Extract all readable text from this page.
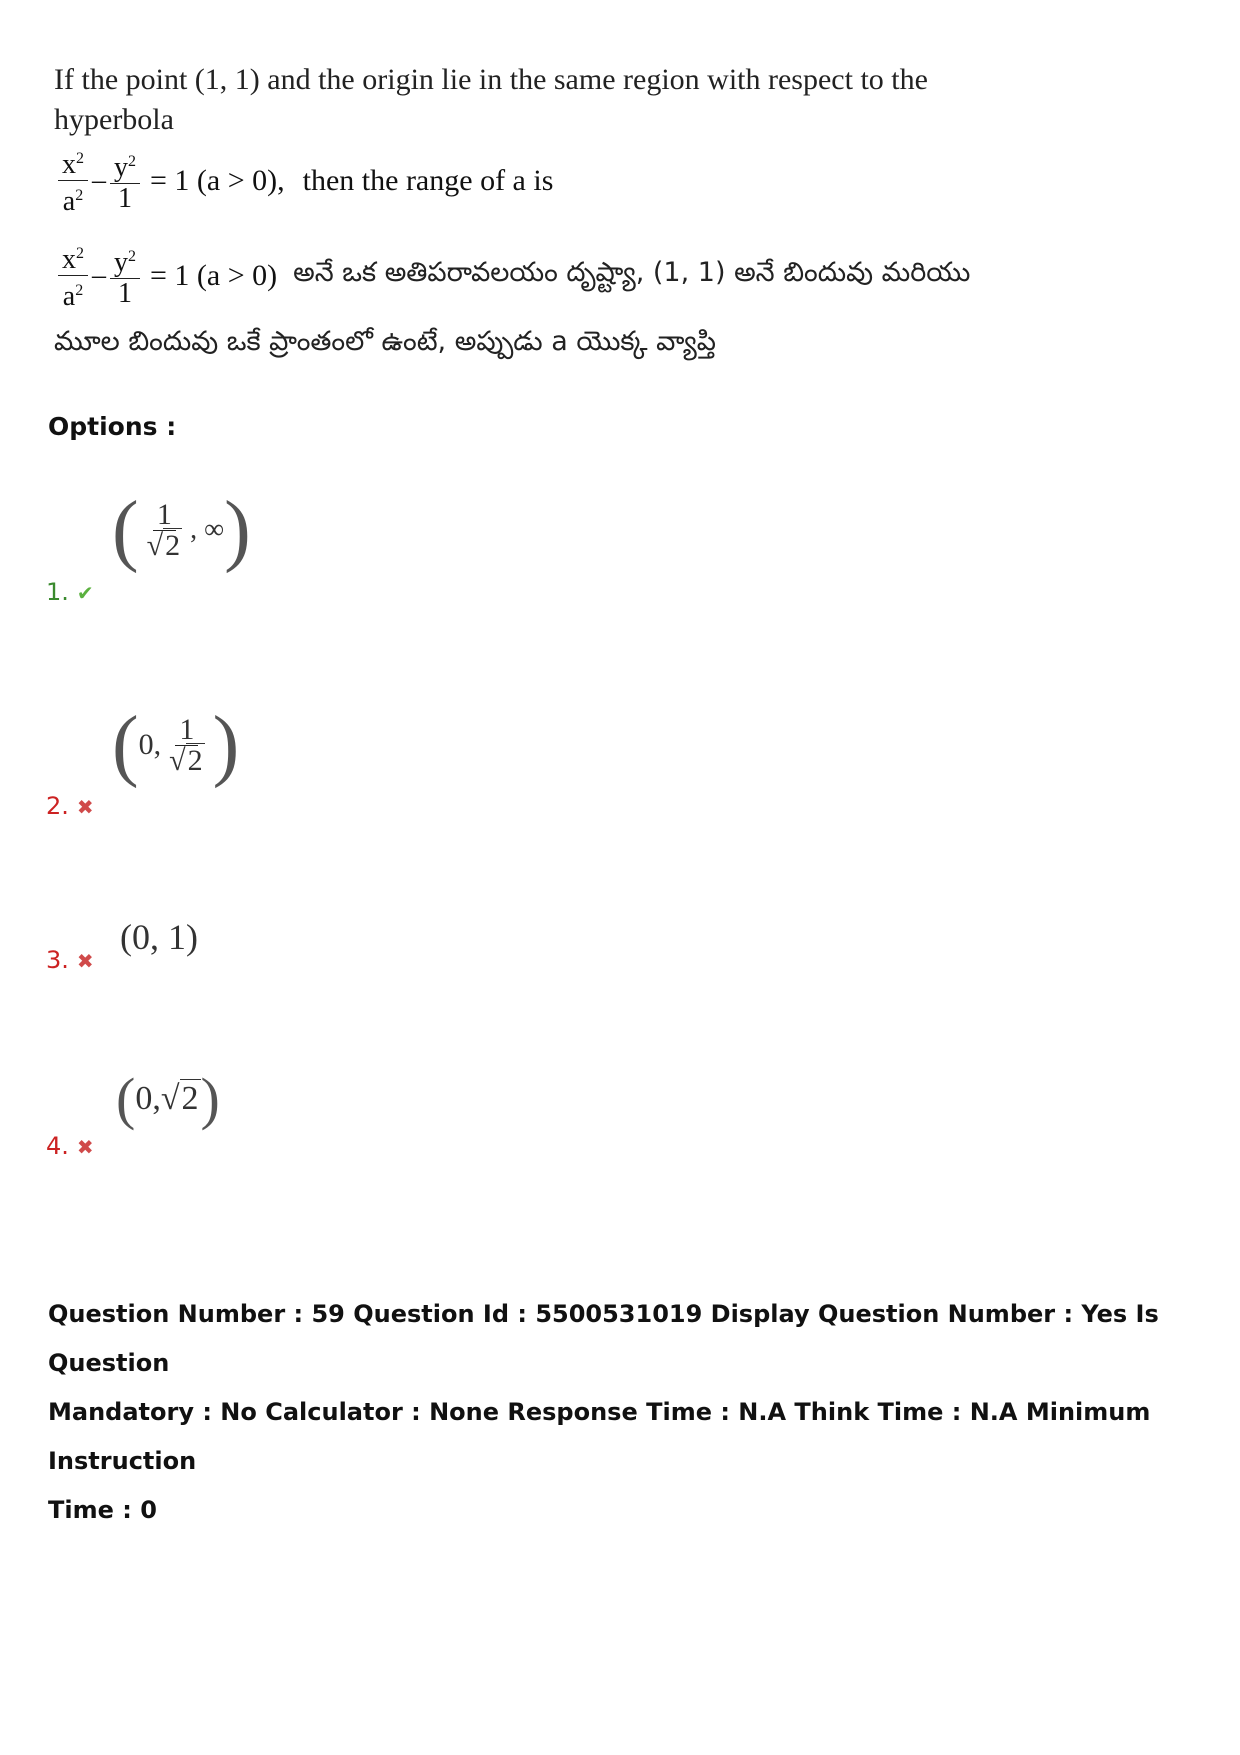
If the point (1, 1) and the origin lie in the same region with respect to the hyperbola
$\frac{x^2}{a^2} - \frac{y^2}{1} = 1$ (a > 0), then the range of a is
$\frac{x^2}{a^2} - \frac{y^2}{1} = 1$ (a > 0) అనే ఒక అతిపరావలయం దృష్ట్యా, (1, 1) అనే బిందువు మరియు
మూల బిందువు ఒకే ప్రాంతంలో ఉంటే, అప్పుడు a యొక్క వ్యాప్తి
Options :
1. ✔
( $\frac{1}{√2}$ , ∞ )
2. ✖
( 0, $\frac{1}{√2}$ )
3. ✖
(0, 1)
4. ✖
( 0, √2 )
Question Number : 59 Question Id : 5500531019 Display Question Number : Yes Is Question
Mandatory : No Calculator : None Response Time : N.A Think Time : N.A Minimum Instruction
Time : 0
